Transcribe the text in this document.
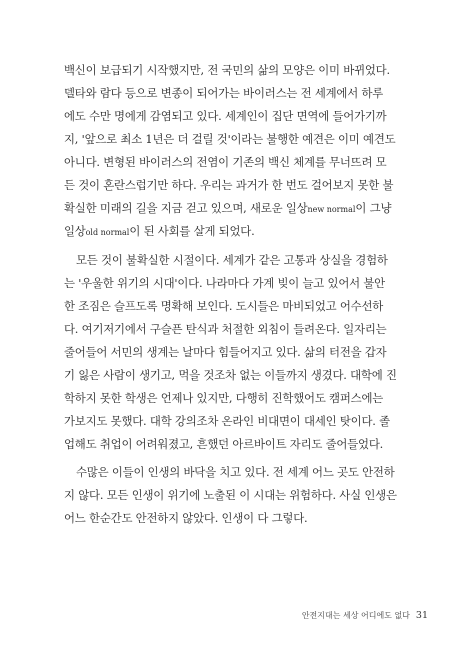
백신이 보급되기 시작했지만, 전 국민의 삶의 모양은 이미 바뀌었다.
델타와 람다 등으로 변종이 되어가는 바이러스는 전 세계에서 하루
에도 수만 명에게 감염되고 있다. 세계인이 집단 면역에 들어가기까
지, '앞으로 최소 1년은 더 걸릴 것'이라는 불행한 예견은 이미 예견도
아니다. 변형된 바이러스의 전염이 기존의 백신 체계를 무너뜨려 모
든 것이 혼란스럽기만 하다. 우리는 과거가 한 번도 걸어보지 못한 불
확실한 미래의 길을 지금 걷고 있으며, 새로운 일상new normal이 그냥
일상old normal이 된 사회를 살게 되었다.
모든 것이 불확실한 시절이다. 세계가 같은 고통과 상실을 경험하
는 '우울한 위기의 시대'이다. 나라마다 가계 빚이 늘고 있어서 불안
한 조짐은 슬프도록 명확해 보인다. 도시들은 마비되었고 어수선하
다. 여기저기에서 구슬픈 탄식과 처절한 외침이 들려온다. 일자리는
줄어들어 서민의 생계는 날마다 힘들어지고 있다. 삶의 터전을 갑자
기 잃은 사람이 생기고, 먹을 것조차 없는 이들까지 생겼다. 대학에 진
학하지 못한 학생은 언제나 있지만, 다행히 진학했어도 캠퍼스에는
가보지도 못했다. 대학 강의조차 온라인 비대면이 대세인 탓이다. 졸
업해도 취업이 어려워졌고, 흔했던 아르바이트 자리도 줄어들었다.
수많은 이들이 인생의 바닥을 치고 있다. 전 세계 어느 곳도 안전하
지 않다. 모든 인생이 위기에 노출된 이 시대는 위험하다. 사실 인생은
어느 한순간도 안전하지 않았다. 인생이 다 그렇다.
안전지대는 세상 어디에도 없다 31
